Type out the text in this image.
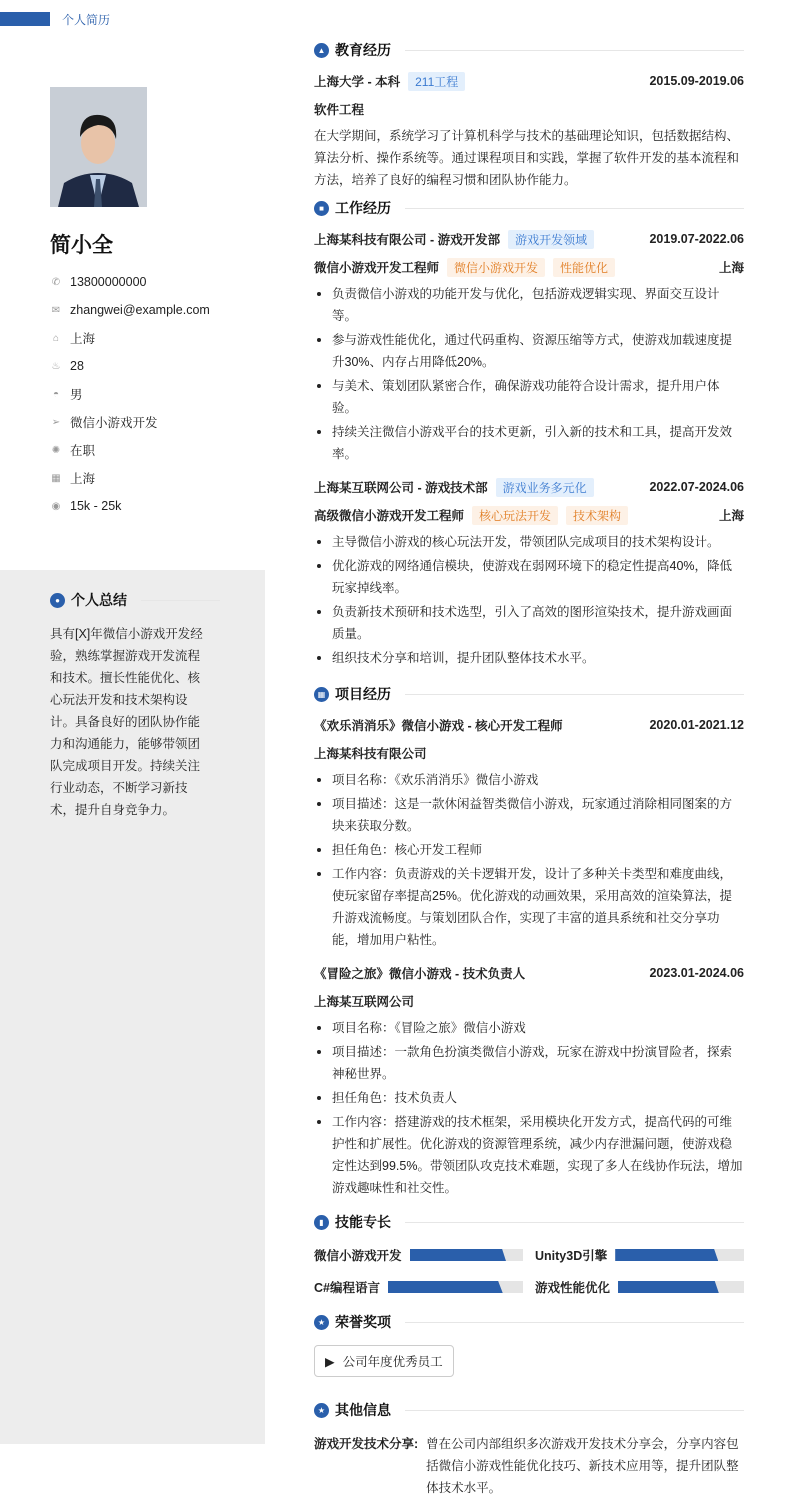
个人简历
简小全
✆ 13800000000
✉ zhangwei@example.com
⌂ 上海
♨ 28
◓ 男
➢ 微信小游戏开发
✺ 在职
▦ 上海
◉ 15k - 25k
● 个人总结

具有[X]年微信小游戏开发经验，熟练掌握游戏开发流程和技术。擅长性能优化、核心玩法开发和技术架构设计。具备良好的团队协作能力和沟通能力，能够带领团队完成项目开发。持续关注行业动态，不断学习新技术，提升自身竞争力。

▲ 教育经历
上海大学 - 本科	211工程	2015.09-2019.06
软件工程

在大学期间，系统学习了计算机科学与技术的基础理论知识，包括数据结构、算法分析、操作系统等。通过课程项目和实践，掌握了软件开发的基本流程和方法，培养了良好的编程习惯和团队协作能力。

■ 工作经历
上海某科技有限公司 - 游戏开发部	游戏开发领域	2019.07-2022.06
微信小游戏开发工程师	微信小游戏开发	性能优化	上海
负责微信小游戏的功能开发与优化，包括游戏逻辑实现、界面交互设计等。
参与游戏性能优化，通过代码重构、资源压缩等方式，使游戏加载速度提升30%、内存占用降低20%。
与美术、策划团队紧密合作，确保游戏功能符合设计需求，提升用户体验。
持续关注微信小游戏平台的技术更新，引入新的技术和工具，提高开发效率。
上海某互联网公司 - 游戏技术部	游戏业务多元化	2022.07-2024.06
高级微信小游戏开发工程师	核心玩法开发	技术架构	上海
主导微信小游戏的核心玩法开发，带领团队完成项目的技术架构设计。
优化游戏的网络通信模块，使游戏在弱网环境下的稳定性提高40%，降低玩家掉线率。
负责新技术预研和技术选型，引入了高效的图形渲染技术，提升游戏画面质量。
组织技术分享和培训，提升团队整体技术水平。
▦ 项目经历
《欢乐消消乐》微信小游戏 - 核心开发工程师	2020.01-2021.12
上海某科技有限公司
项目名称：《欢乐消消乐》微信小游戏
项目描述：这是一款休闲益智类微信小游戏，玩家通过消除相同图案的方块来获取分数。
担任角色：核心开发工程师
工作内容：负责游戏的关卡逻辑开发，设计了多种关卡类型和难度曲线，使玩家留存率提高25%。优化游戏的动画效果，采用高效的渲染算法，提升游戏流畅度。与策划团队合作，实现了丰富的道具系统和社交分享功能，增加用户粘性。
《冒险之旅》微信小游戏 - 技术负责人	2023.01-2024.06
上海某互联网公司
项目名称：《冒险之旅》微信小游戏
项目描述：一款角色扮演类微信小游戏，玩家在游戏中扮演冒险者，探索神秘世界。
担任角色：技术负责人
工作内容：搭建游戏的技术框架，采用模块化开发方式，提高代码的可维护性和扩展性。优化游戏的资源管理系统，减少内存泄漏问题，使游戏稳定性达到99.5%。带领团队攻克技术难题，实现了多人在线协作玩法，增加游戏趣味性和社交性。
▮ 技能专长
微信小游戏开发	Unity3D引擎
C#编程语言	游戏性能优化
★ 荣誉奖项
▶ 公司年度优秀员工
★ 其他信息
游戏开发技术分享: 曾在公司内部组织多次游戏开发技术分享会，分享内容包括微信小游戏性能优化技巧、新技术应用等，提升团队整体技术水平。
